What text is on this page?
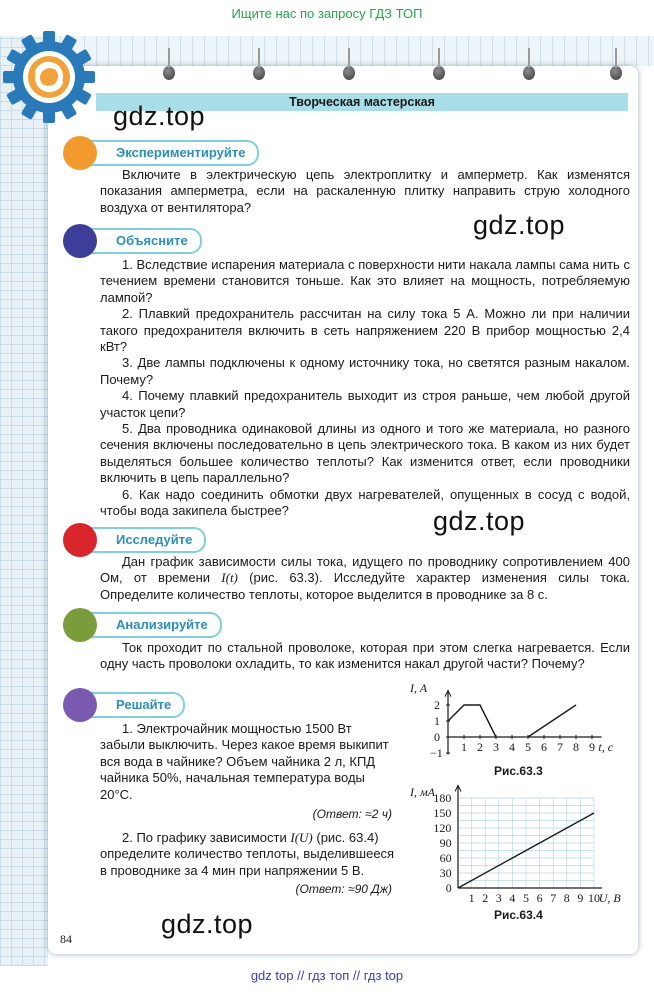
Ищите нас по запросу ГДЗ ТОП
Творческая мастерская
gdz.top
gdz.top
gdz.top
gdz.top
Экспериментируйте

Включите в электрическую цепь электроплитку и амперметр. Как изменятся показания амперметра, если на раскаленную плитку направить струю холодного воздуха от вентилятора?

Объясните

1. Вследствие испарения материала с поверхности нити накала лампы сама нить с течением времени становится тоньше. Как это влияет на мощность, потребляемую лампой?

2. Плавкий предохранитель рассчитан на силу тока 5 А. Можно ли при наличии такого предохранителя включить в сеть напряжением 220 В прибор мощностью 2,4 кВт?

3. Две лампы подключены к одному источнику тока, но светятся разным накалом. Почему?

4. Почему плавкий предохранитель выходит из строя раньше, чем любой другой участок цепи?

5. Два проводника одинаковой длины из одного и того же материала, но разного сечения включены последовательно в цепь электрического тока. В каком из них будет выделяться большее количество теплоты? Как изменится ответ, если проводники включить в цепь параллельно?

6. Как надо соединить обмотки двух нагревателей, опущенных в сосуд с водой, чтобы вода закипела быстрее?

Исследуйте

Дан график зависимости силы тока, идущего по проводнику сопротивлением 400 Ом, от времени I(t) (рис. 63.3). Исследуйте характер изменения силы тока. Определите количество теплоты, которое выделится в проводнике за 8 с.

Анализируйте

Ток проходит по стальной проволоке, которая при этом слегка нагревается. Если одну часть проволоки охладить, то как изменится накал другой части? Почему?

Решайте

1. Электрочайник мощностью 1500 Вт забыли выключить. Через какое время выкипит вся вода в чайнике? Объем чайника 2 л, КПД чайника 50%, начальная температура воды 20°С.

(Ответ: ≈2 ч)

2. По графику зависимости I(U) (рис. 63.4) определите количество теплоты, выделившееся в проводнике за 4 мин при напряжении 5 В.

(Ответ: ≈90 Дж)
1 2 3 4 5 6 7 8 9
2
1
0
−1
I, A
t, c
Рис.63.3
1 2 3 4 5 6 7 8 9 10
180
150
120
90
60
30
0
I, мА
U, B
Рис.63.4
84
gdz top // гдз топ // гдз top
